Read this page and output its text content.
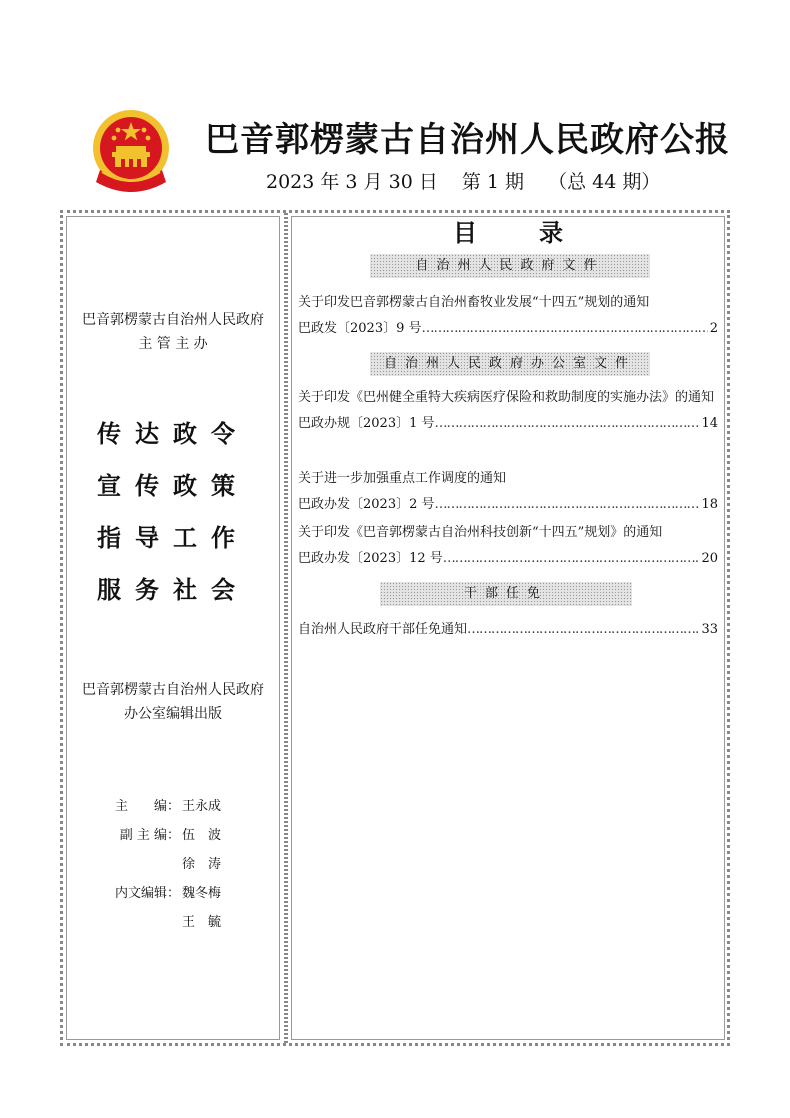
巴音郭楞蒙古自治州人民政府公报
2023 年 3 月 30 日 第 1 期 （总 44 期）
巴音郭楞蒙古自治州人民政府
主 管 主 办
传达政令
宣传政策
指导工作
服务社会
巴音郭楞蒙古自治州人民政府
办公室编辑出版
主　　编： 王永成
副 主 编： 伍　波
徐　涛
内文编辑： 魏冬梅
王　毓
目录
自治州人民政府文件
关于印发巴音郭楞蒙古自治州畜牧业发展“十四五”规划的通知
巴政发〔2023〕9 号 …………………………………………………………………………………………………………………………………	2
自治州人民政府办公室文件
关于印发《巴州健全重特大疾病医疗保险和救助制度的实施办法》的通知
巴政办规〔2023〕1 号 …………………………………………………………………………………………………………………………………	14
关于进一步加强重点工作调度的通知
巴政办发〔2023〕2 号 …………………………………………………………………………………………………………………………………	18
关于印发《巴音郭楞蒙古自治州科技创新“十四五”规划》的通知
巴政办发〔2023〕12 号 …………………………………………………………………………………………………………………………………	20
干部任免
自治州人民政府干部任免通知 …………………………………………………………………………………………………………………………………	33
